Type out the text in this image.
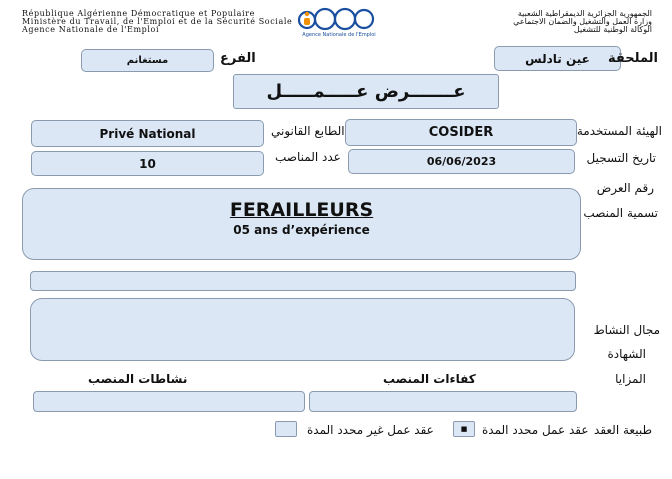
République Algérienne Démocratique et Populaire
Ministère du Travail, de l'Emploi et de la Sécurité Sociale
Agence Nationale de l'Emploi
Agence Nationale de l'Emploi
الجمهورية الجزائرية الديمقراطية الشعبية
وزارة العمل والتشغيل والضمان الاجتماعي
الوكالة الوطنية للتشغيل
عين تادلس الملحقة
مستغانم	الفرع
عـــــــرض عـــــمـــــل
COSIDER	الهيئة المستخدمة
Privé National	الطابع القانوني
06/06/2023	تاريخ التسجيل
10	عدد المناصب
رقم العرض
FERAILLEURS
05 ans d’expérience
تسمية المنصب
مجال النشاط
الشهادة
المزايا
كفاءات المنصب
نشاطات المنصب
طبيعة العقد
عقد عمل محدد المدة
■
عقد عمل غير محدد المدة
